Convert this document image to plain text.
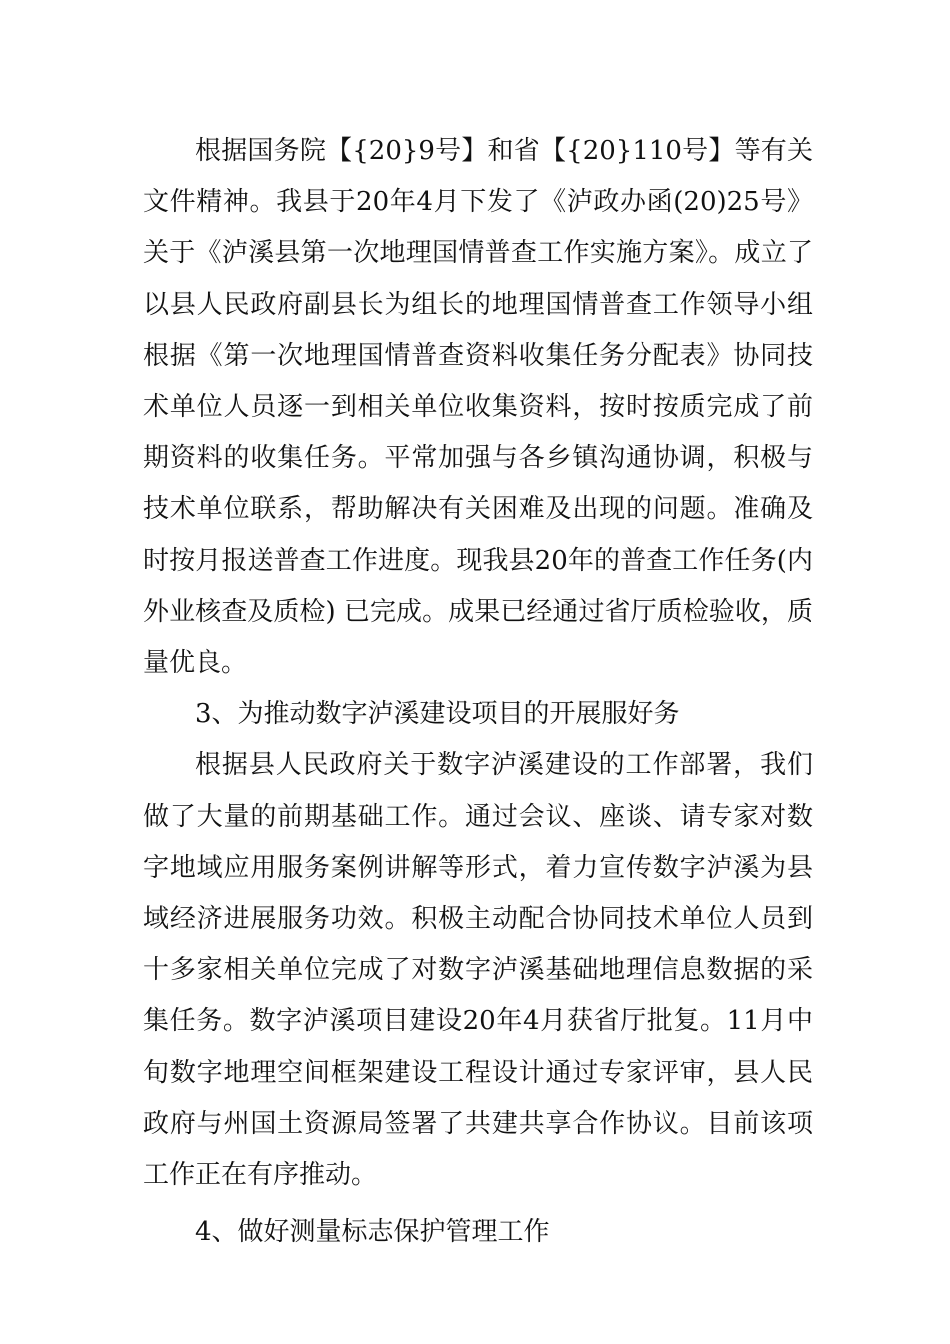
根据国务院【{20}9号】和省【{20}110号】等有关文件精神。我县于20年4月下发了《泸政办函(20)25号》关于《泸溪县第一次地理国情普查工作实施方案》。成立了以县人民政府副县长为组长的地理国情普查工作领导小组根据《第一次地理国情普查资料收集任务分配表》协同技术单位人员逐一到相关单位收集资料，按时按质完成了前期资料的收集任务。平常加强与各乡镇沟通协调，积极与技术单位联系，帮助解决有关困难及出现的问题。准确及时按月报送普查工作进度。现我县20年的普查工作任务(内外业核查及质检) 已完成。成果已经通过省厅质检验收，质量优良。

3、为推动数字泸溪建设项目的开展服好务

根据县人民政府关于数字泸溪建设的工作部署，我们做了大量的前期基础工作。通过会议、座谈、请专家对数字地域应用服务案例讲解等形式，着力宣传数字泸溪为县域经济进展服务功效。积极主动配合协同技术单位人员到十多家相关单位完成了对数字泸溪基础地理信息数据的采集任务。数字泸溪项目建设20年4月获省厅批复。11月中旬数字地理空间框架建设工程设计通过专家评审，县人民政府与州国土资源局签署了共建共享合作协议。目前该项工作正在有序推动。

4、做好测量标志保护管理工作
